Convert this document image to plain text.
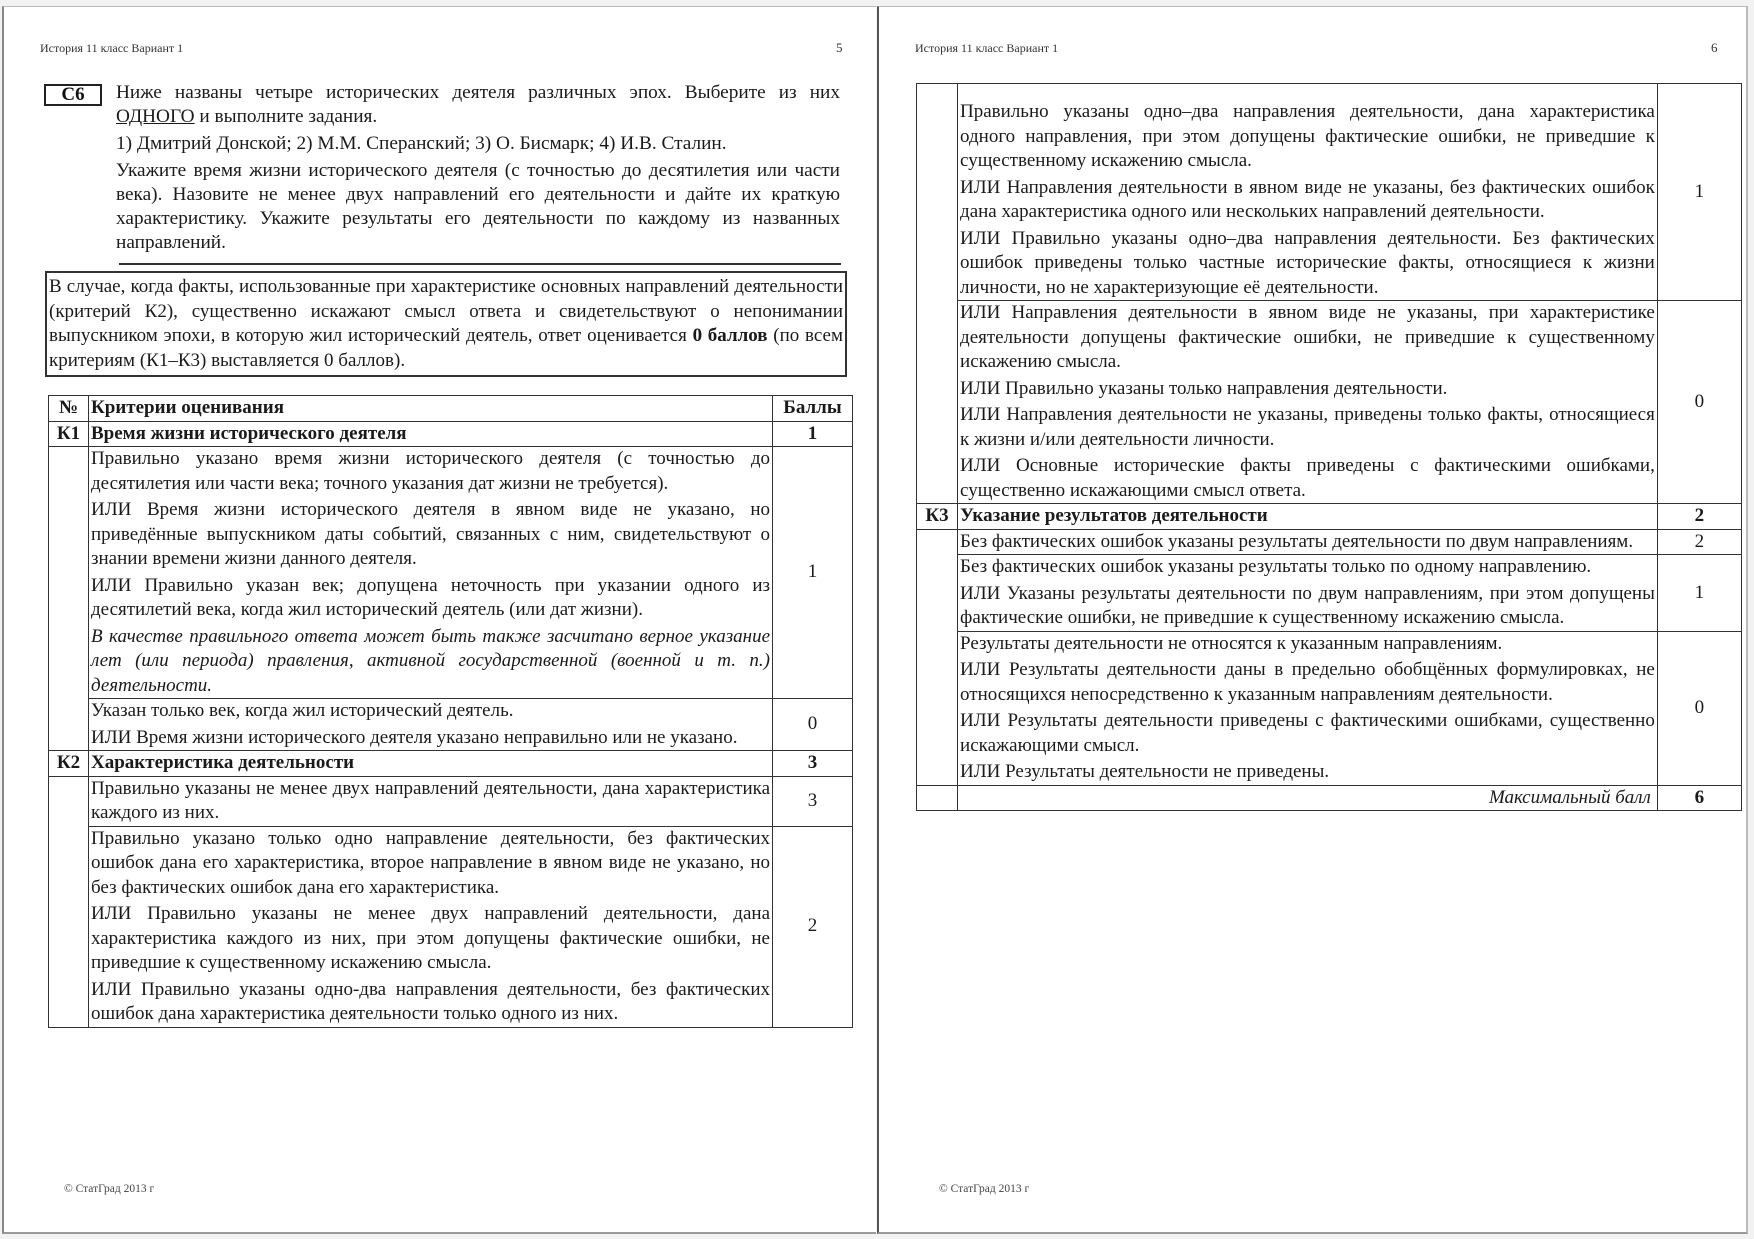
История 11 класс Вариант 1	5
С6	Ниже названы четыре исторических деятеля различных эпох. Выберите из них ОДНОГО и выполните задания.

1) Дмитрий Донской; 2) М.М. Сперанский; 3) О. Бисмарк; 4) И.В. Сталин.

Укажите время жизни исторического деятеля (с точностью до десятилетия или части века). Назовите не менее двух направлений его деятельности и дайте их краткую характеристику. Укажите результаты его деятельности по каждому из названных направлений.

В случае, когда факты, использованные при характеристике основных направлений деятельности (критерий К2), существенно искажают смысл ответа и свидетельствуют о непонимании выпускником эпохи, в которую жил исторический деятель, ответ оценивается 0 баллов (по всем критериям (К1–К3) выставляется 0 баллов).
№	Критерии оценивания	Баллы
К1	Время жизни исторического деятеля	1

	Правильно указано время жизни исторического деятеля (с точностью до десятилетия или части века; точного указания дат жизни не требуется).

ИЛИ Время жизни исторического деятеля в явном виде не указано, но приведённые выпускником даты событий, связанных с ним, свидетельствуют о знании времени жизни данного деятеля.

ИЛИ Правильно указан век; допущена неточность при указании одного из десятилетий века, когда жил исторический деятель (или дат жизни).

В качестве правильного ответа может быть также засчитано верное указание лет (или периода) правления, активной государственной (военной и т. п.) деятельности.	1

	Указан только век, когда жил исторический деятель.

ИЛИ Время жизни исторического деятеля указано неправильно или не указано.	0
К2	Характеристика деятельности	3

	Правильно указаны не менее двух направлений деятельности, дана характеристика каждого из них.	3

	Правильно указано только одно направление деятельности, без фактических ошибок дана его характеристика, второе направление в явном виде не указано, но без фактических ошибок дана его характеристика.

ИЛИ Правильно указаны не менее двух направлений деятельности, дана характеристика каждого из них, при этом допущены фактические ошибки, не приведшие к существенному искажению смысла.

ИЛИ Правильно указаны одно-два направления деятельности, без фактических ошибок дана характеристика деятельности только одного из них.	2
© СтатГрад 2013 г
История 11 класс Вариант 1	6

	Правильно указаны одно–два направления деятельности, дана характеристика одного направления, при этом допущены фактические ошибки, не приведшие к существенному искажению смысла.

ИЛИ Направления деятельности в явном виде не указаны, без фактических ошибок дана характеристика одного или нескольких направлений деятельности.

ИЛИ Правильно указаны одно–два направления деятельности. Без фактических ошибок приведены только частные исторические факты, относящиеся к жизни личности, но не характеризующие её деятельности.	1

	ИЛИ Направления деятельности в явном виде не указаны, при характеристике деятельности допущены фактические ошибки, не приведшие к существенному искажению смысла.

ИЛИ Правильно указаны только направления деятельности.

ИЛИ Направления деятельности не указаны, приведены только факты, относящиеся к жизни и/или деятельности личности.

ИЛИ Основные исторические факты приведены с фактическими ошибками, существенно искажающими смысл ответа.	0
К3	Указание результатов деятельности	2

	Без фактических ошибок указаны результаты деятельности по двум направлениям.	2

	Без фактических ошибок указаны результаты только по одному направлению.

ИЛИ Указаны результаты деятельности по двум направлениям, при этом допущены фактические ошибки, не приведшие к существенному искажению смысла.	1

	Результаты деятельности не относятся к указанным направлениям.

ИЛИ Результаты деятельности даны в предельно обобщённых формулировках, не относящихся непосредственно к указанным направлениям деятельности.

ИЛИ Результаты деятельности приведены с фактическими ошибками, существенно искажающими смысл.

ИЛИ Результаты деятельности не приведены.	0
	Максимальный балл	6
© СтатГрад 2013 г
